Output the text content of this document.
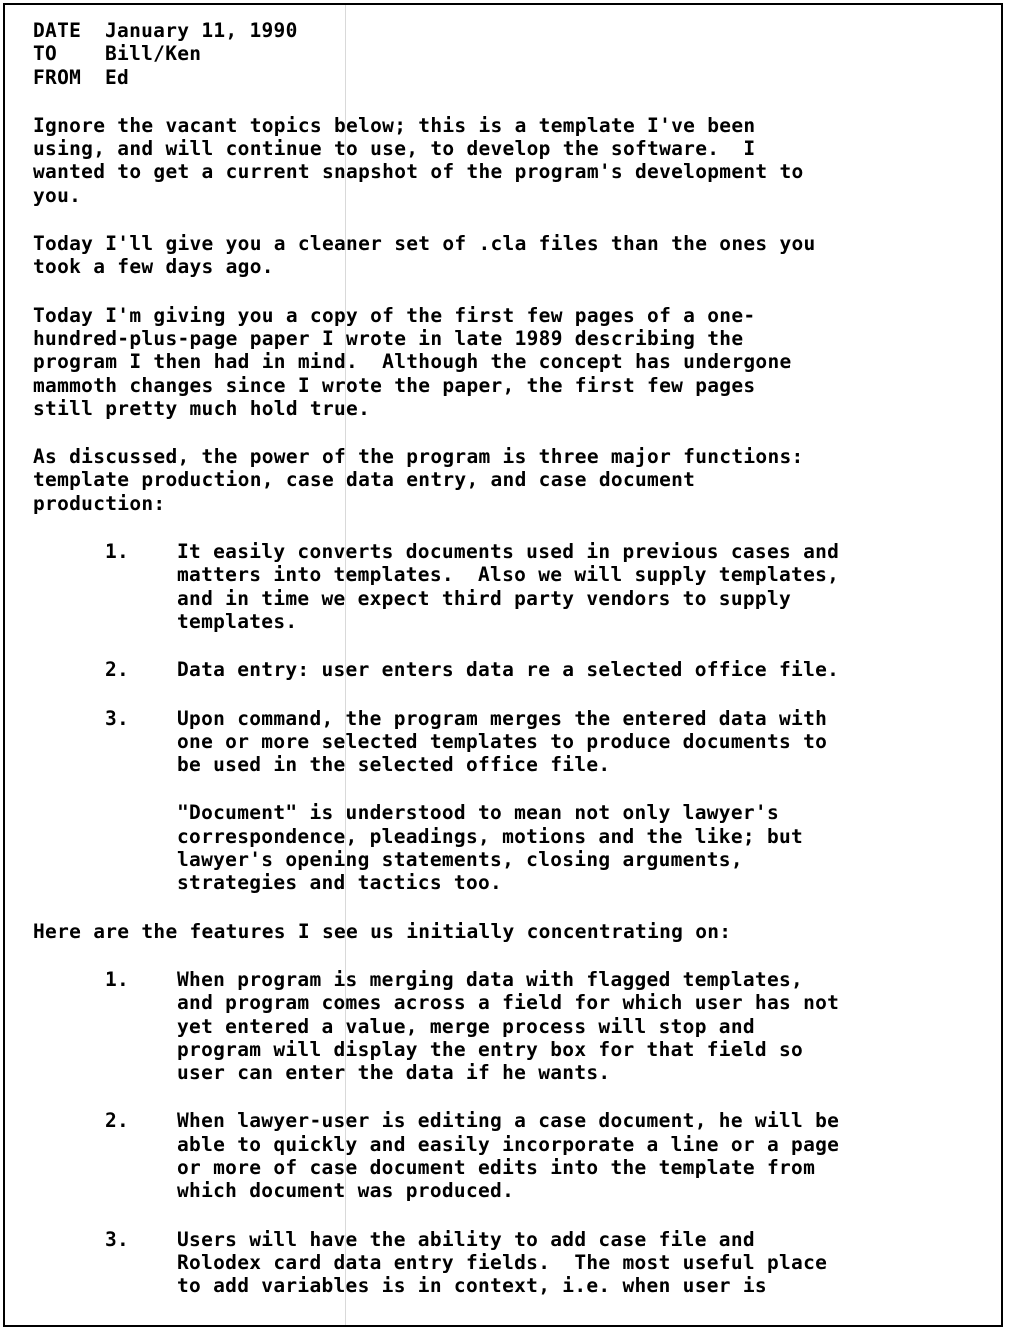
DATE	January 11, 1990
TO	Bill/Ken
FROM	Ed
Ignore the vacant topics below; this is a template I've been
using, and will continue to use, to develop the software.  I
wanted to get a current snapshot of the program's development to
you.
Today I'll give you a cleaner set of .cla files than the ones you
took a few days ago.
Today I'm giving you a copy of the first few pages of a one-
hundred-plus-page paper I wrote in late 1989 describing the
program I then had in mind.  Although the concept has undergone
mammoth changes since I wrote the paper, the first few pages
still pretty much hold true.
As discussed, the power of the program is three major functions:
template production, case data entry, and case document
production:
1.	It easily converts documents used in previous cases and
matters into templates.  Also we will supply templates,
and in time we expect third party vendors to supply
templates.
2.	Data entry: user enters data re a selected office file.
3.	Upon command, the program merges the entered data with
one or more selected templates to produce documents to
be used in the selected office file.
"Document" is understood to mean not only lawyer's
correspondence, pleadings, motions and the like; but
lawyer's opening statements, closing arguments,
strategies and tactics too.
Here are the features I see us initially concentrating on:
1.	When program is merging data with flagged templates,
and program comes across a field for which user has not
yet entered a value, merge process will stop and
program will display the entry box for that field so
user can enter the data if he wants.
2.	When lawyer-user is editing a case document, he will be
able to quickly and easily incorporate a line or a page
or more of case document edits into the template from
which document was produced.
3.	Users will have the ability to add case file and
Rolodex card data entry fields.  The most useful place
to add variables is in context, i.e. when user is
